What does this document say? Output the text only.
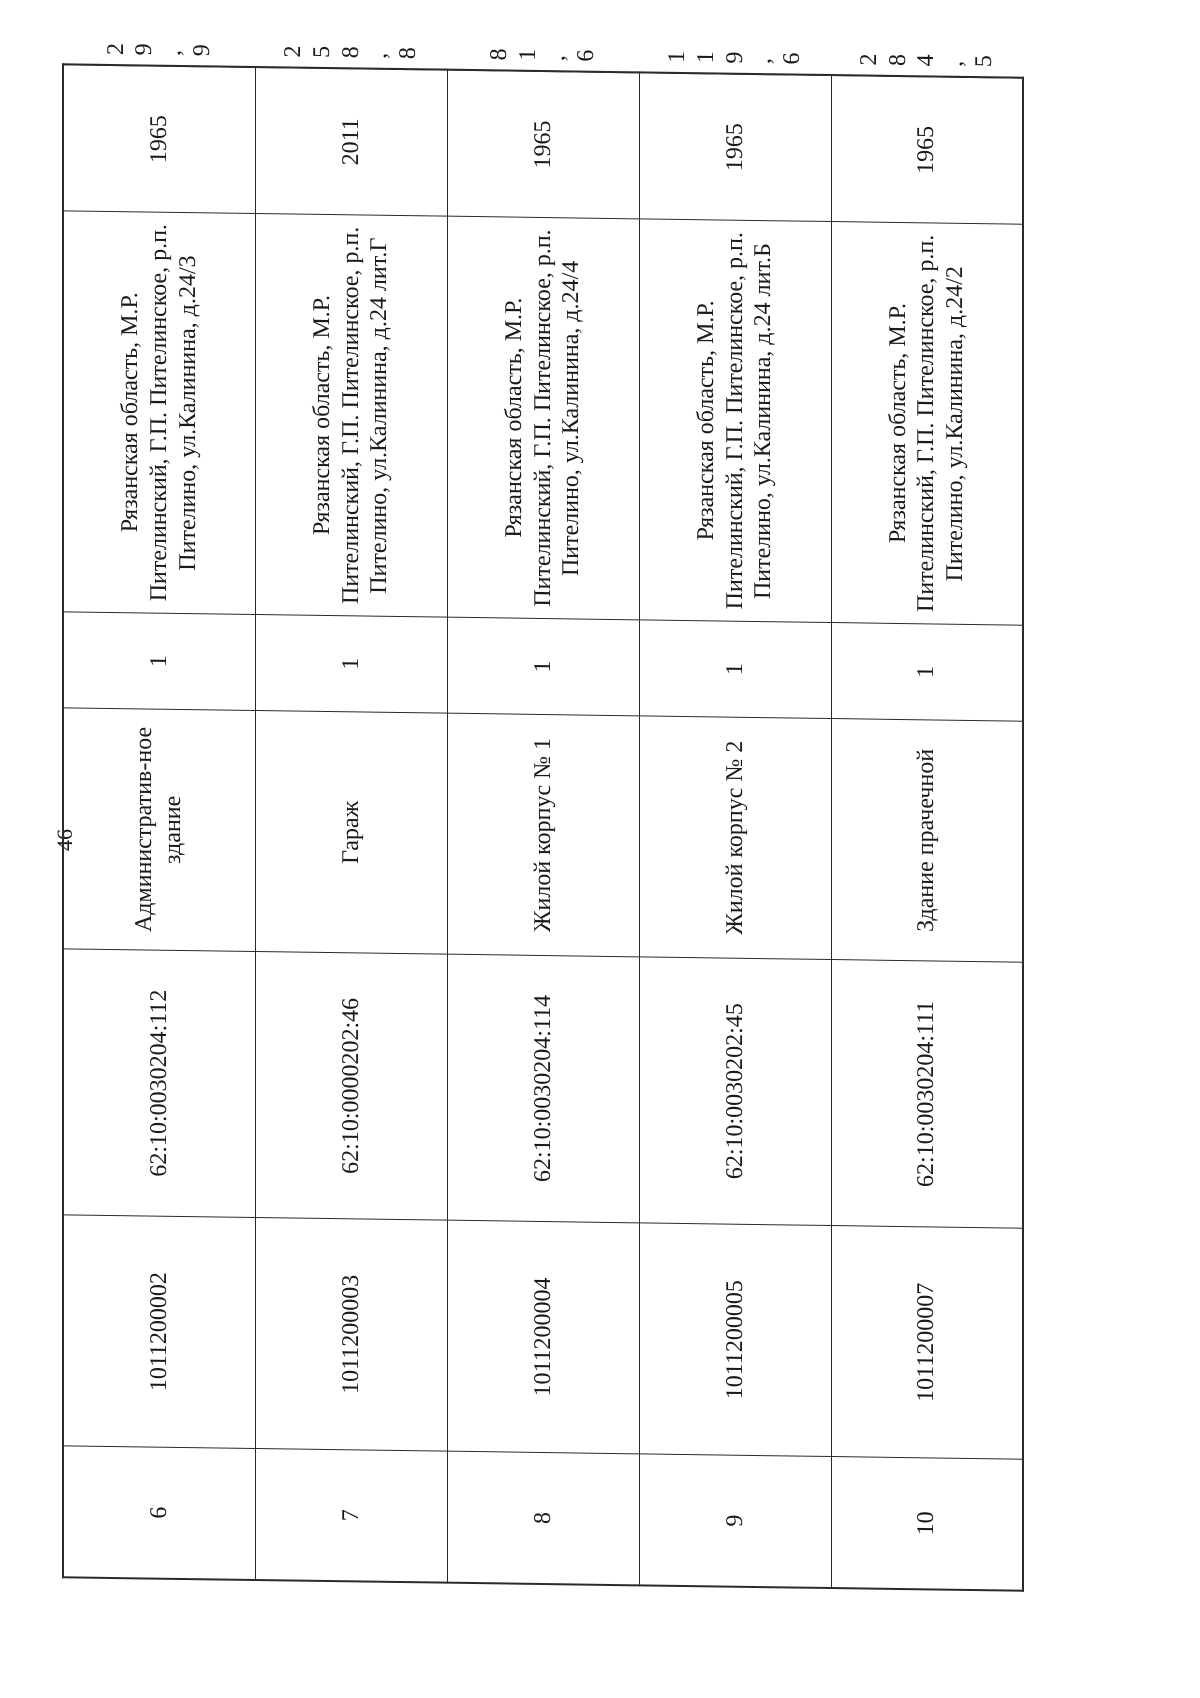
46
6	1011200002	62:10:0030204:112	Административ-ное здание	1	Рязанская область, М.Р. Пителинский, Г.П. Пителинское, р.п. Пителино, ул.Калинина, д.24/3	1965	29,9
7	1011200003	62:10:0000202:46	Гараж	1	Рязанская область, М.Р. Пителинский, Г.П. Пителинское, р.п. Пителино, ул.Калинина, д.24 лит.Г	2011	258,8
8	1011200004	62:10:0030204:114	Жилой корпус № 1	1	Рязанская область, М.Р. Пителинский, Г.П. Пителинское, р.п. Пителино, ул.Калинина, д.24/4	1965	81,6
9	1011200005	62:10:0030202:45	Жилой корпус № 2	1	Рязанская область, М.Р. Пителинский, Г.П. Пителинское, р.п. Пителино, ул.Калинина, д.24 лит.Б	1965	119,6
10	1011200007	62:10:0030204:111	Здание прачечной	1	Рязанская область, М.Р. Пителинский, Г.П. Пителинское, р.п. Пителино, ул.Калинина, д.24/2	1965	284,5
